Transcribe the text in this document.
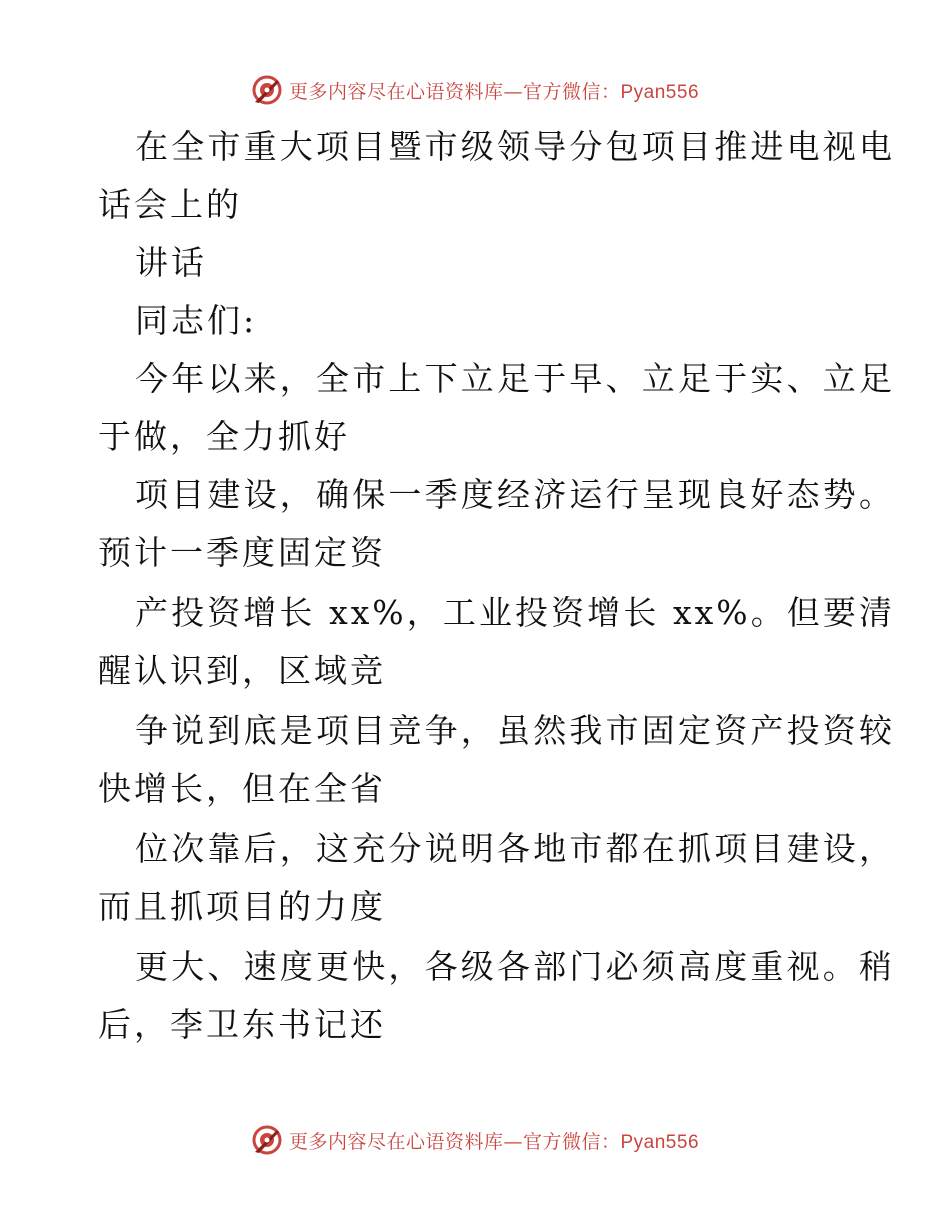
更多内容尽在心语资料库—官方微信：Pyan556
在全市重大项目暨市级领导分包项目推进电视电
话会上的
讲话
同志们:
今年以来，全市上下立足于早、立足于实、立足
于做，全力抓好
项目建设，确保一季度经济运行呈现良好态势。
预计一季度固定资
产投资增长 xx%，工业投资增长 xx%。但要清
醒认识到，区域竞
争说到底是项目竞争，虽然我市固定资产投资较
快增长，但在全省
位次靠后，这充分说明各地市都在抓项目建设，
而且抓项目的力度
更大、速度更快，各级各部门必须高度重视。稍
后，李卫东书记还
更多内容尽在心语资料库—官方微信：Pyan556
